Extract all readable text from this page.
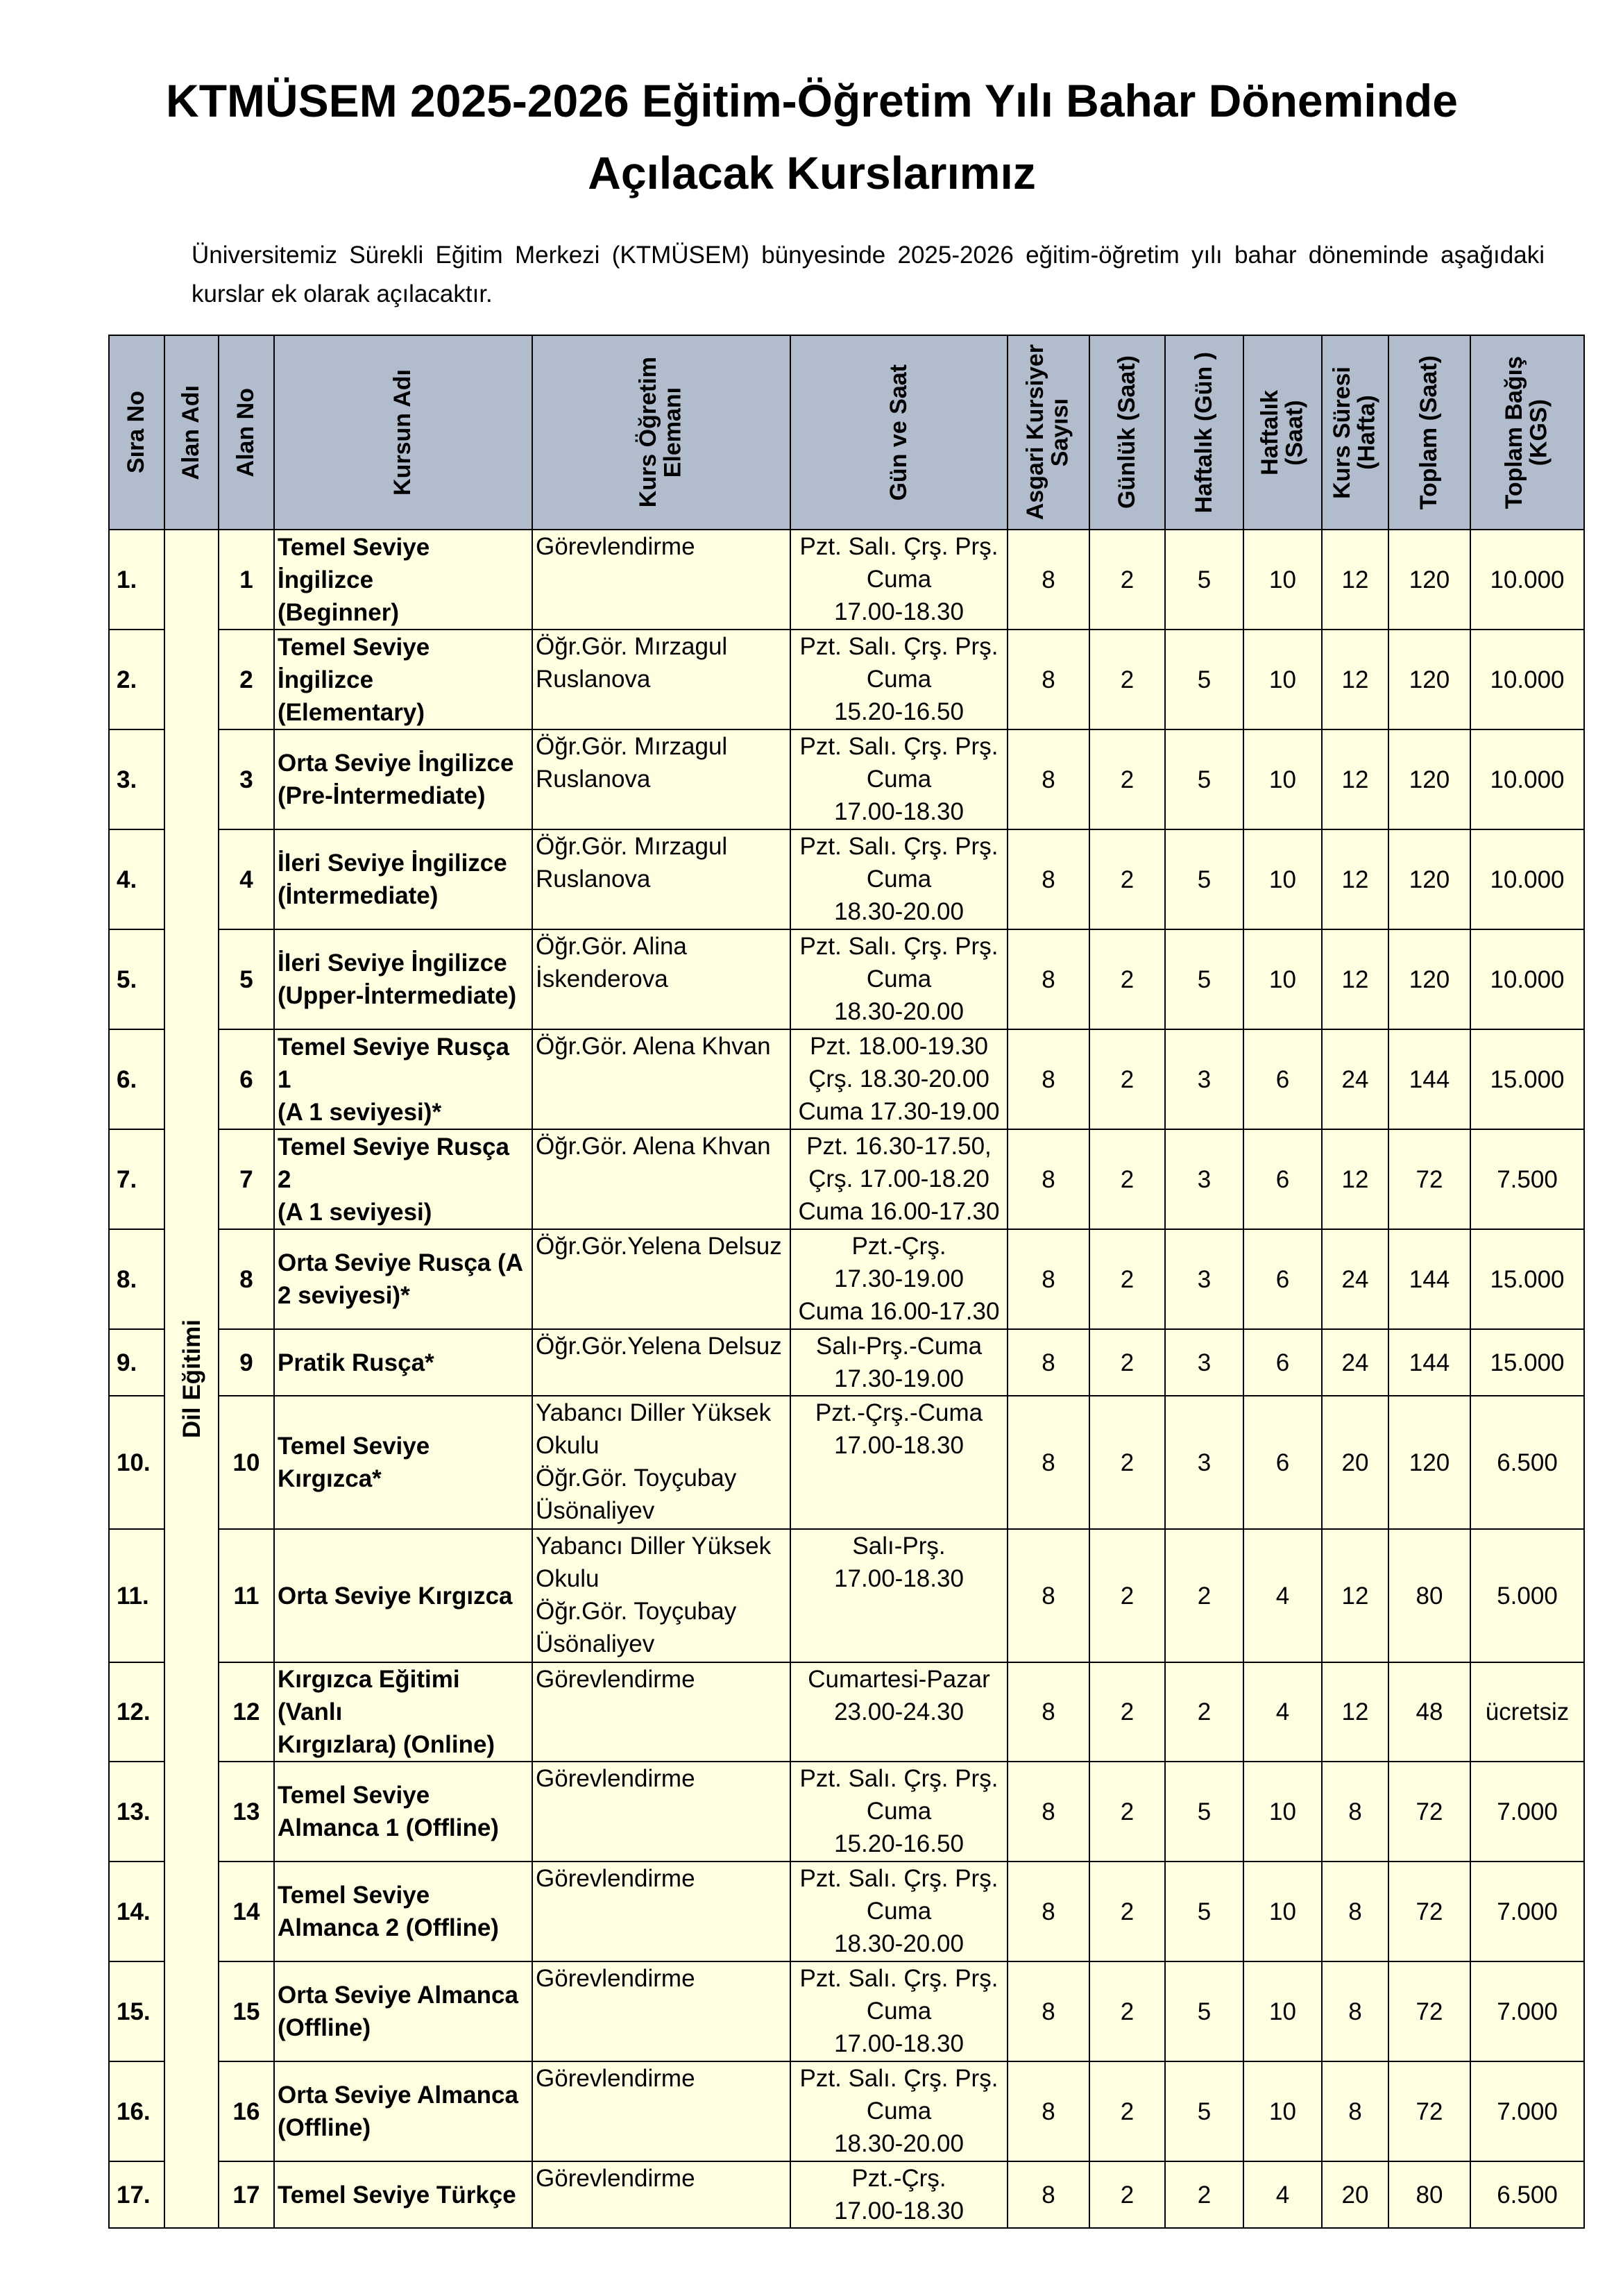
KTMÜSEM 2025-2026 Eğitim-Öğretim Yılı Bahar Döneminde
Açılacak Kurslarımız
Üniversitemiz Sürekli Eğitim Merkezi (KTMÜSEM) bünyesinde 2025-2026 eğitim-öğretim yılı bahar döneminde aşağıdaki kurslar ek olarak açılacaktır.
Sıra No	Alan Adı	Alan No	Kursun Adı	Kurs Öğretim
Elemanı	Gün ve Saat	Asgari Kursiyer
Sayısı	Günlük (Saat)	Haftalık (Gün )	Haftalık
(Saat)	Kurs Süresi
(Hafta)	Toplam (Saat)	Toplam Bağış
(KGS)

1.	Dil Eğitimi	1	Temel Seviye İngilizce
(Beginner)	Görevlendirme	Pzt. Salı. Çrş. Prş.
Cuma
17.00-18.30	8	2	5	10	12	120	10.000
2.		2	Temel Seviye İngilizce
(Elementary)	Öğr.Gör. Mırzagul
Ruslanova	Pzt. Salı. Çrş. Prş.
Cuma
15.20-16.50	8	2	5	10	12	120	10.000
3.		3	Orta Seviye İngilizce
(Pre-İntermediate)	Öğr.Gör. Mırzagul
Ruslanova	Pzt. Salı. Çrş. Prş.
Cuma
17.00-18.30	8	2	5	10	12	120	10.000
4.		4	İleri Seviye İngilizce
(İntermediate)	Öğr.Gör. Mırzagul
Ruslanova	Pzt. Salı. Çrş. Prş.
Cuma
18.30-20.00	8	2	5	10	12	120	10.000
5.		5	İleri Seviye İngilizce
(Upper-İntermediate)	Öğr.Gör. Alina
İskenderova	Pzt. Salı. Çrş. Prş.
Cuma
18.30-20.00	8	2	5	10	12	120	10.000
6.		6	Temel Seviye Rusça 1
(A 1 seviyesi)*	Öğr.Gör. Alena Khvan	Pzt. 18.00-19.30
Çrş. 18.30-20.00
Cuma 17.30-19.00	8	2	3	6	24	144	15.000
7.		7	Temel Seviye Rusça 2
(A 1 seviyesi)	Öğr.Gör. Alena Khvan	Pzt. 16.30-17.50,
Çrş. 17.00-18.20
Cuma 16.00-17.30	8	2	3	6	12	72	7.500
8.		8	Orta Seviye Rusça (A
2 seviyesi)*	Öğr.Gör.Yelena Delsuz	Pzt.-Çrş.
17.30-19.00
Cuma 16.00-17.30	8	2	3	6	24	144	15.000
9.		9	Pratik Rusça*	Öğr.Gör.Yelena Delsuz	Salı-Prş.-Cuma
17.30-19.00	8	2	3	6	24	144	15.000
10.		10	Temel Seviye
Kırgızca*	Yabancı Diller Yüksek
Okulu
Öğr.Gör. Toyçubay
Üsönaliyev	Pzt.-Çrş.-Cuma
17.00-18.30	8	2	3	6	20	120	6.500
11.		11	Orta Seviye Kırgızca	Yabancı Diller Yüksek
Okulu
Öğr.Gör. Toyçubay
Üsönaliyev	Salı-Prş.
17.00-18.30	8	2	2	4	12	80	5.000
12.		12	Kırgızca Eğitimi (Vanlı
Kırgızlara) (Online)	Görevlendirme	Cumartesi-Pazar
23.00-24.30	8	2	2	4	12	48	ücretsiz
13.		13	Temel Seviye
Almanca 1 (Offline)	Görevlendirme	Pzt. Salı. Çrş. Prş.
Cuma
15.20-16.50	8	2	5	10	8	72	7.000
14.		14	Temel Seviye
Almanca 2 (Offline)	Görevlendirme	Pzt. Salı. Çrş. Prş.
Cuma
18.30-20.00	8	2	5	10	8	72	7.000
15.		15	Orta Seviye Almanca
(Offline)	Görevlendirme	Pzt. Salı. Çrş. Prş.
Cuma
17.00-18.30	8	2	5	10	8	72	7.000
16.		16	Orta Seviye Almanca
(Offline)	Görevlendirme	Pzt. Salı. Çrş. Prş.
Cuma
18.30-20.00	8	2	5	10	8	72	7.000
17.		17	Temel Seviye Türkçe	Görevlendirme	Pzt.-Çrş.
17.00-18.30	8	2	2	4	20	80	6.500
